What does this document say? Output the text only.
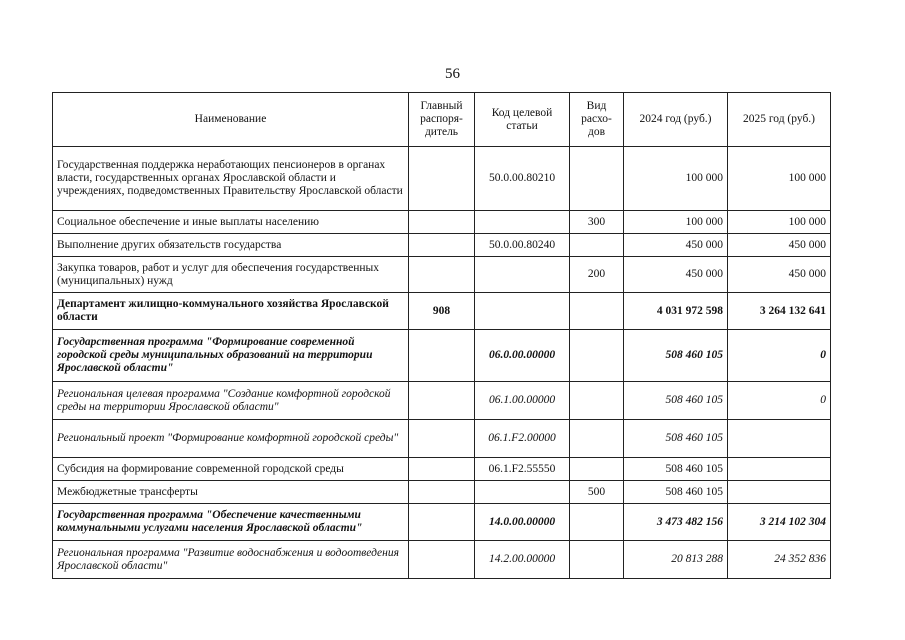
56
Наименование	Главный распоря-дитель	Код целевой статьи	Вид расхо-дов	2024 год (руб.)	2025 год (руб.)
Государственная поддержка неработающих пенсионеров в органах власти, государственных органах Ярославской области и учреждениях, подведомственных Правительству Ярославской области		50.0.00.80210		100 000	100 000
Социальное обеспечение и иные выплаты населению			300	100 000	100 000
Выполнение других обязательств государства		50.0.00.80240		450 000	450 000
Закупка товаров, работ и услуг для обеспечения государственных (муниципальных) нужд			200	450 000	450 000
Департамент жилищно-коммунального хозяйства Ярославской области	908			4 031 972 598	3 264 132 641
Государственная программа "Формирование современной городской среды муниципальных образований на территории Ярославской области"		06.0.00.00000		508 460 105	0
Региональная целевая программа "Создание комфортной городской среды на территории Ярославской области"		06.1.00.00000		508 460 105	0
Региональный проект "Формирование комфортной городской среды"		06.1.F2.00000		508 460 105	
Субсидия на формирование современной городской среды		06.1.F2.55550		508 460 105	
Межбюджетные трансферты			500	508 460 105	
Государственная программа "Обеспечение качественными коммунальными услугами населения Ярославской области"		14.0.00.00000		3 473 482 156	3 214 102 304
Региональная программа "Развитие водоснабжения и водоотведения Ярославской области"		14.2.00.00000		20 813 288	24 352 836
